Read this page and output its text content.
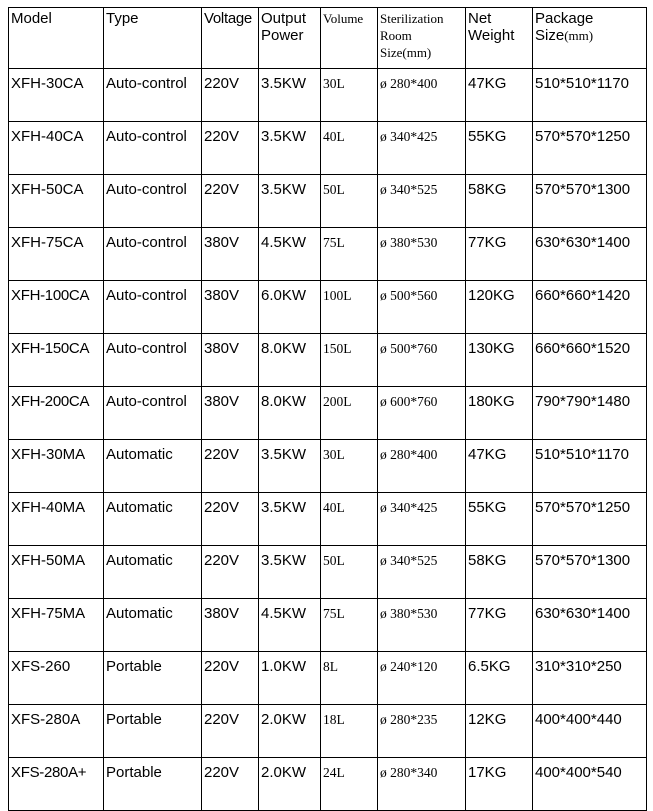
Model	Type	Voltage	Output Power	Volume	Sterilization Room Size(mm)	Net Weight	Package Size(mm)
XFH-30CA	Auto-control	220V	3.5KW	30L	ø 280*400	47KG	510*510*1170
XFH-40CA	Auto-control	220V	3.5KW	40L	ø 340*425	55KG	570*570*1250
XFH-50CA	Auto-control	220V	3.5KW	50L	ø 340*525	58KG	570*570*1300
XFH-75CA	Auto-control	380V	4.5KW	75L	ø 380*530	77KG	630*630*1400
XFH-100CA	Auto-control	380V	6.0KW	100L	ø 500*560	120KG	660*660*1420
XFH-150CA	Auto-control	380V	8.0KW	150L	ø 500*760	130KG	660*660*1520
XFH-200CA	Auto-control	380V	8.0KW	200L	ø 600*760	180KG	790*790*1480
XFH-30MA	Automatic	220V	3.5KW	30L	ø 280*400	47KG	510*510*1170
XFH-40MA	Automatic	220V	3.5KW	40L	ø 340*425	55KG	570*570*1250
XFH-50MA	Automatic	220V	3.5KW	50L	ø 340*525	58KG	570*570*1300
XFH-75MA	Automatic	380V	4.5KW	75L	ø 380*530	77KG	630*630*1400
XFS-260	Portable	220V	1.0KW	8L	ø 240*120	6.5KG	310*310*250
XFS-280A	Portable	220V	2.0KW	18L	ø 280*235	12KG	400*400*440
XFS-280A+	Portable	220V	2.0KW	24L	ø 280*340	17KG	400*400*540
